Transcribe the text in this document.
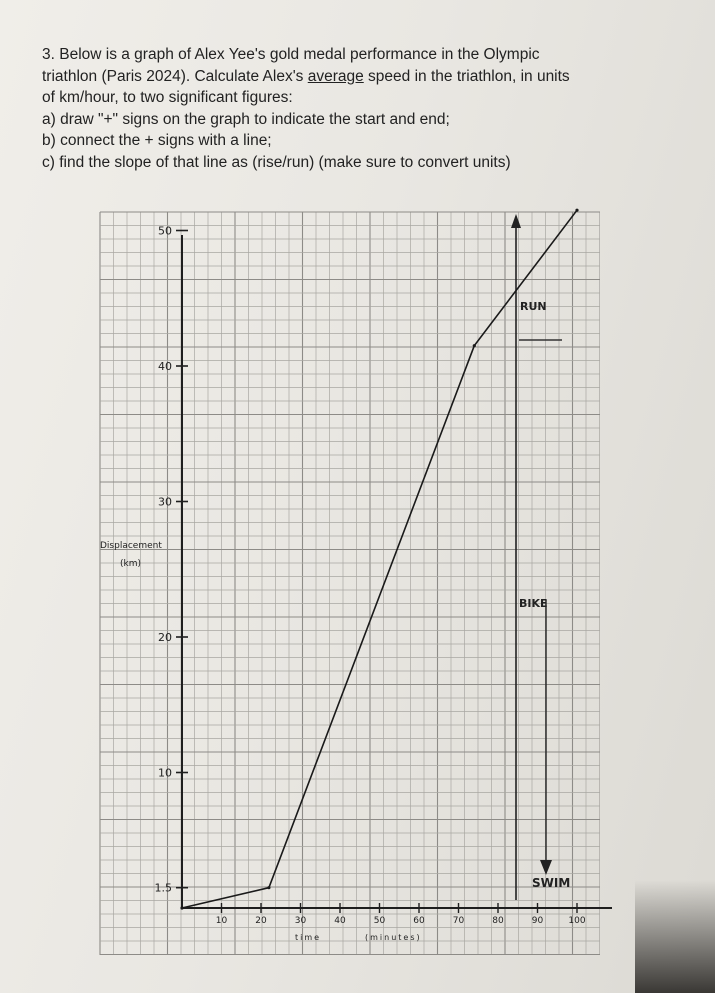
3. Below is a graph of Alex Yee's gold medal performance in the Olympic
triathlon (Paris 2024). Calculate Alex's average speed in the triathlon, in units
of km/hour, to two significant figures:
a) draw "+" signs on the graph to indicate the start and end;
b) connect the + signs with a line;
c) find the slope of that line as (rise/run) (make sure to convert units)
1.5
10
20
30
40
50
10	20	30	40	50	60	70	80	90	100
Displacement
(km)
time	(minutes)
RUN
BIKE
SWIM
